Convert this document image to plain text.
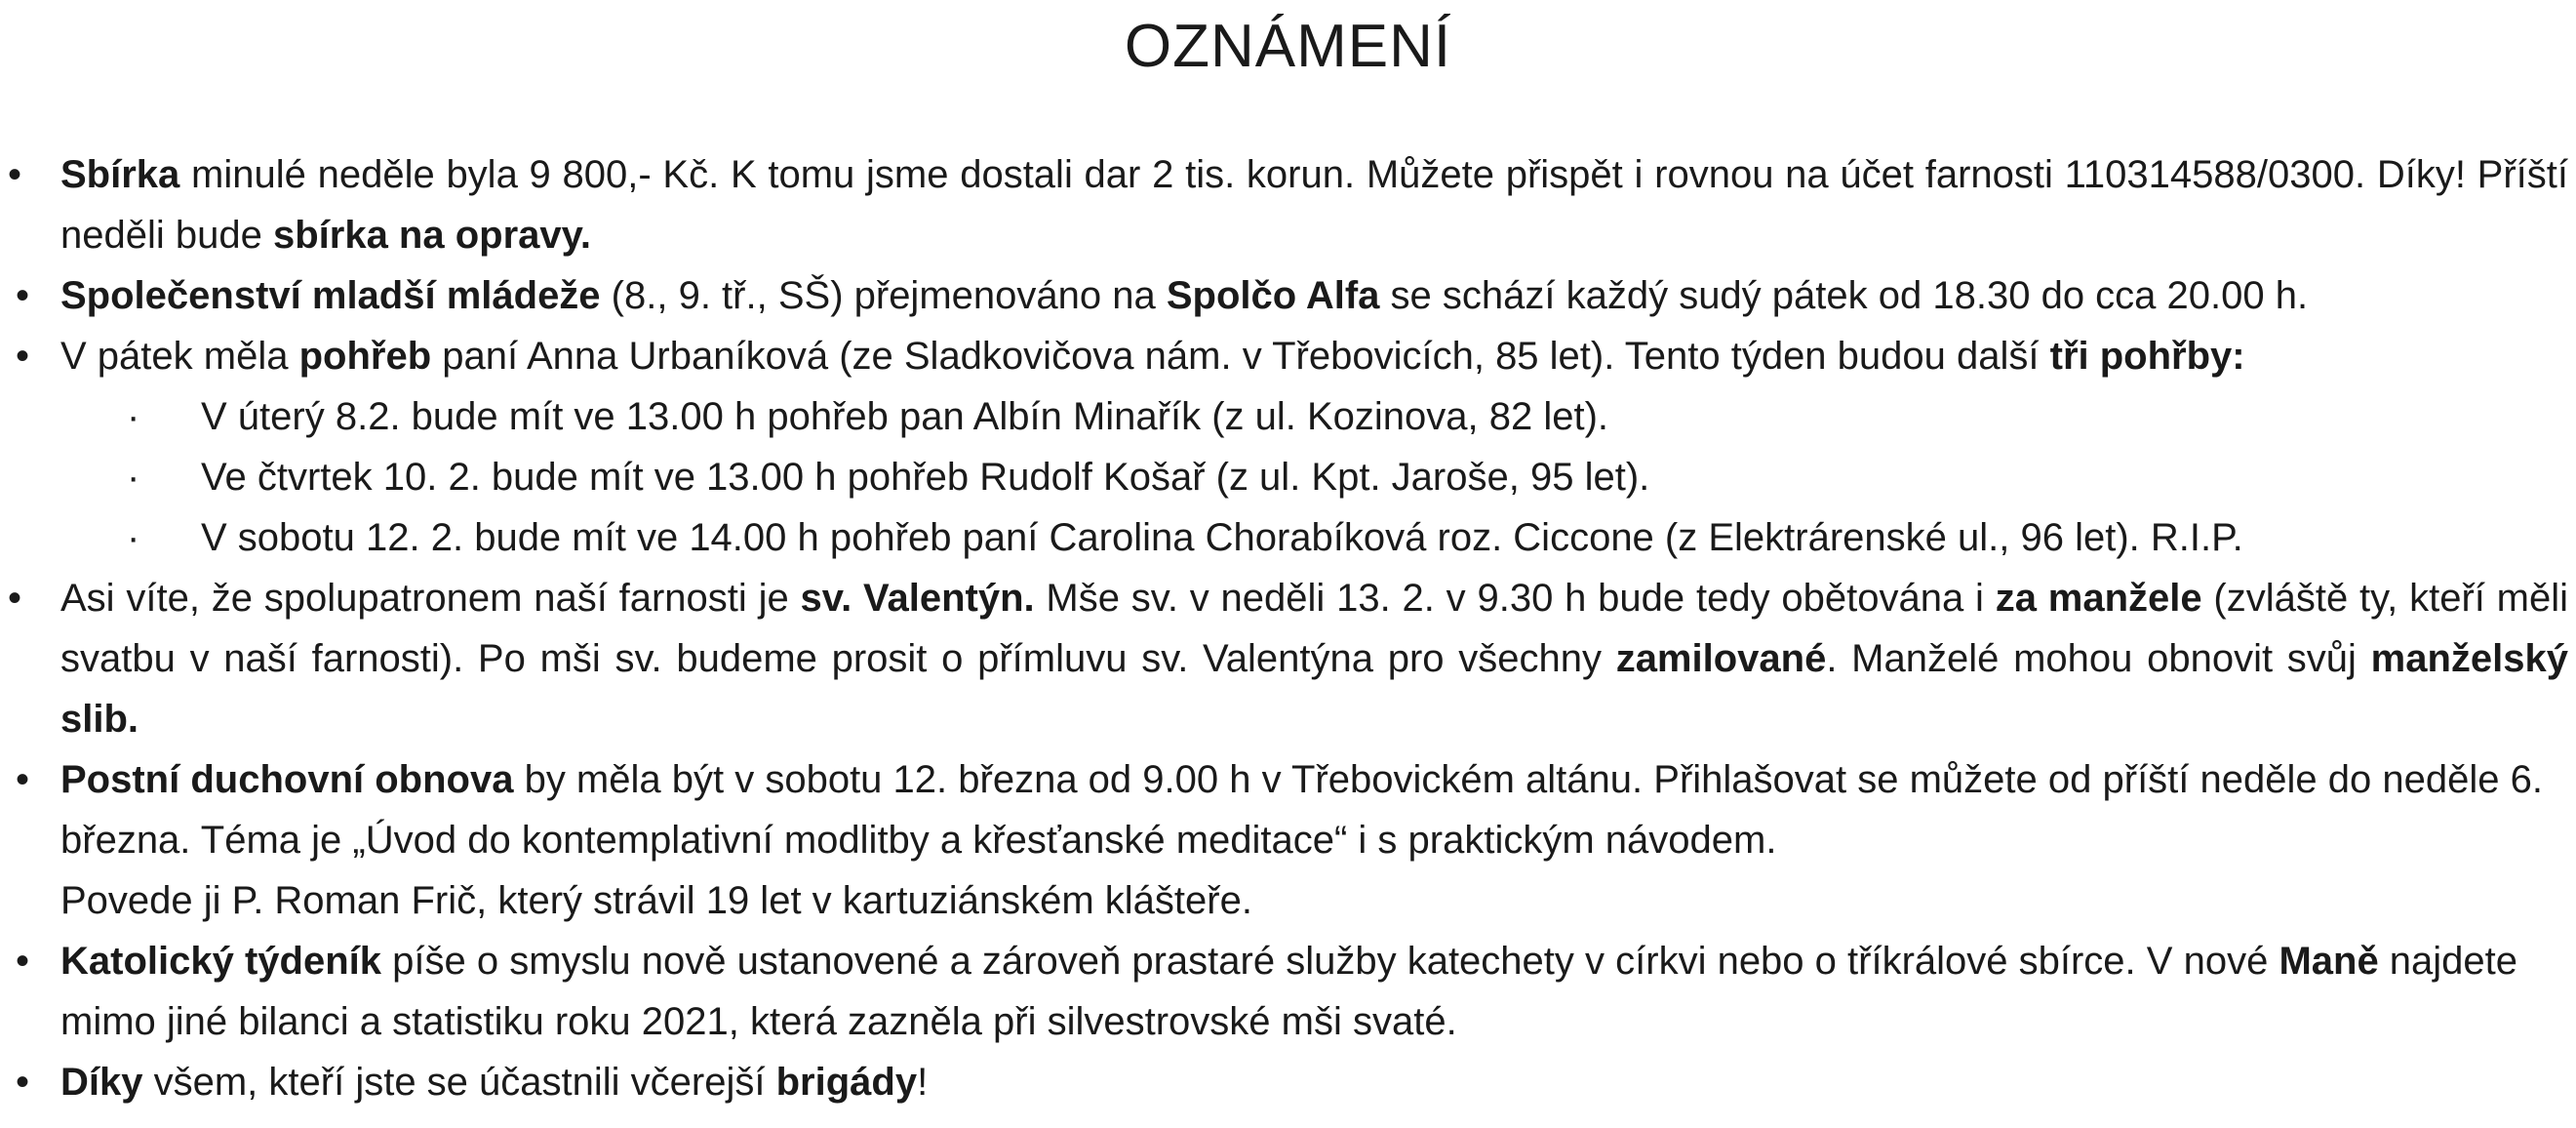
OZNÁMENÍ
• Sbírka minulé neděle byla 9 800,- Kč. K tomu jsme dostali dar 2 tis. korun. Můžete přispět i rovnou na účet farnosti 110314588/0300. Díky! Příští neděli bude sbírka na opravy.
• Společenství mladší mládeže (8., 9. tř., SŠ) přejmenováno na Spolčo Alfa se schází každý sudý pátek od 18.30 do cca 20.00 h.
• V pátek měla pohřeb paní Anna Urbaníková (ze Sladkovičova nám. v Třebovicích, 85 let). Tento týden budou další tři pohřby:
· V úterý 8.2. bude mít ve 13.00 h pohřeb pan Albín Minařík (z ul. Kozinova, 82 let).
· Ve čtvrtek 10. 2. bude mít ve 13.00 h pohřeb Rudolf Košař (z ul. Kpt. Jaroše, 95 let).
· V sobotu 12. 2. bude mít ve 14.00 h pohřeb paní Carolina Chorabíková roz. Ciccone (z Elektrárenské ul., 96 let). R.I.P.
• Asi víte, že spolupatronem naší farnosti je sv. Valentýn. Mše sv. v neděli 13. 2. v 9.30 h bude tedy obětována i za manžele (zvláště ty, kteří měli svatbu v naší farnosti). Po mši sv. budeme prosit o přímluvu sv. Valentýna pro všechny zamilované. Manželé mohou obnovit svůj manželský slib.
• Postní duchovní obnova by měla být v sobotu 12. března od 9.00 h v Třebovickém altánu. Přihlašovat se můžete od příští neděle do neděle 6. března. Téma je „Úvod do kontemplativní modlitby a křesťanské meditace“ i s praktickým návodem.
Povede ji P. Roman Frič, který strávil 19 let v kartuziánském klášteře.
• Katolický týdeník píše o smyslu nově ustanovené a zároveň prastaré služby katechety v církvi nebo o tříkrálové sbírce. V nové Maně najdete mimo jiné bilanci a statistiku roku 2021, která zazněla při silvestrovské mši svaté.
• Díky všem, kteří jste se účastnili včerejší brigády!
